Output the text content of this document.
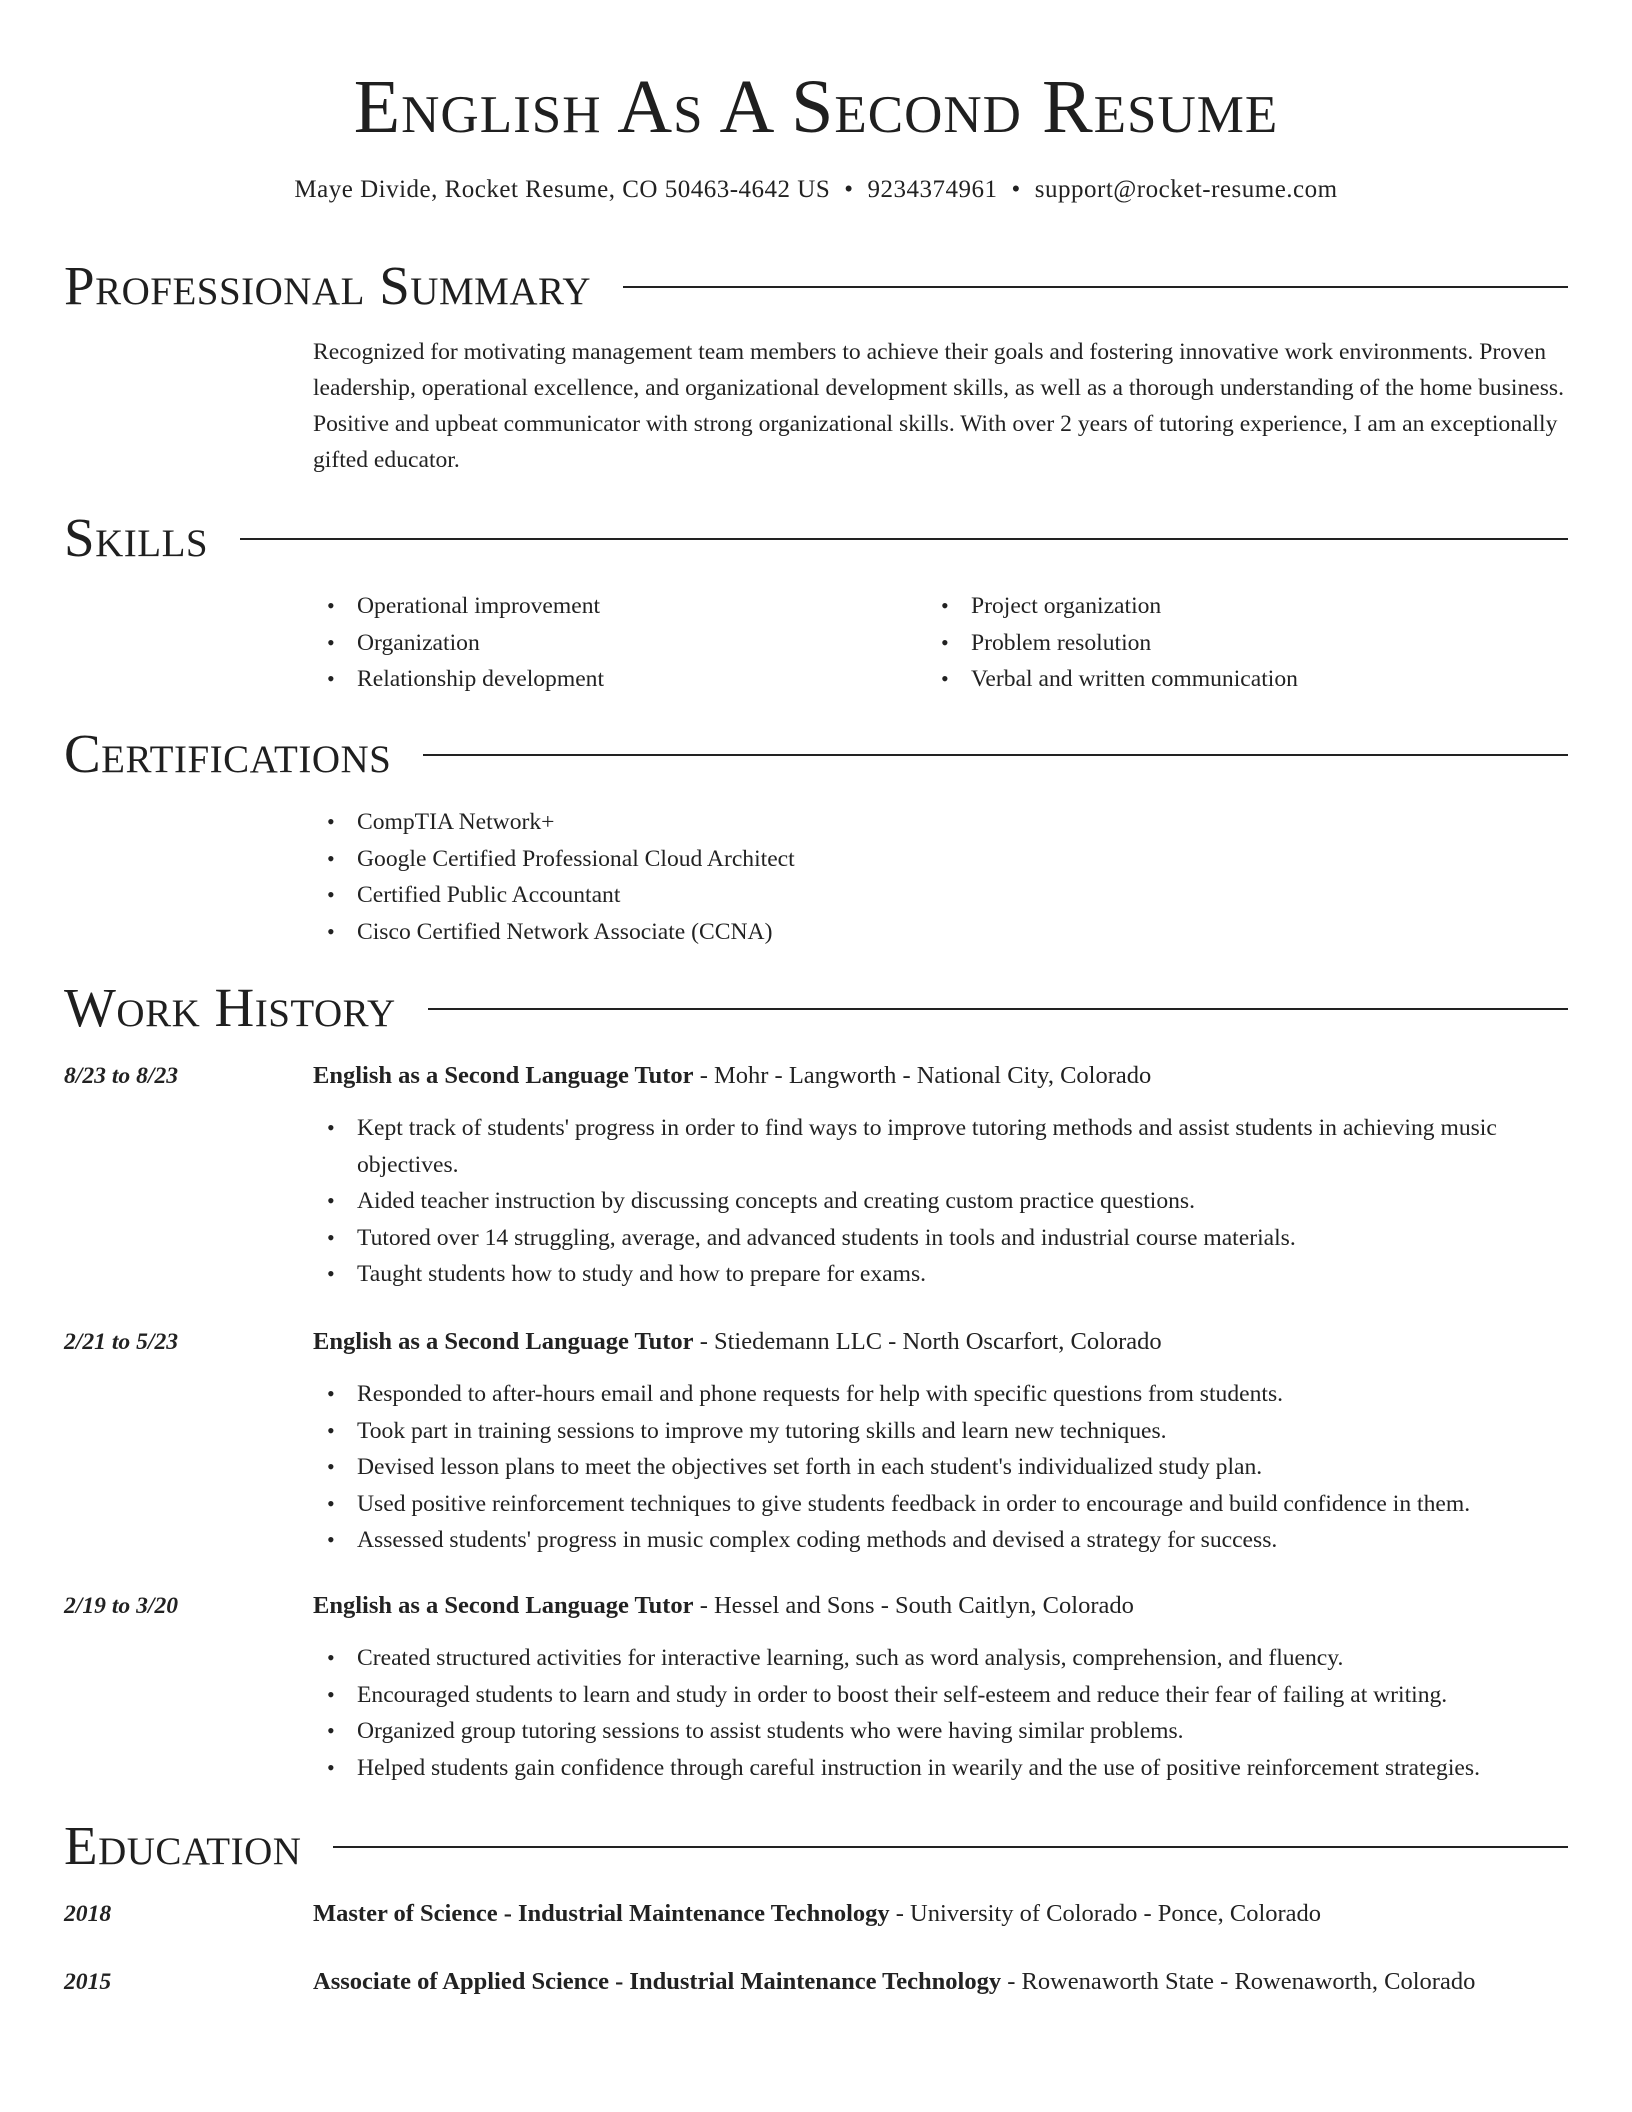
English As A Second Resume
Maye Divide, Rocket Resume, CO 50463-4642 US • 9234374961 • support@rocket-resume.com
Professional Summary
Recognized for motivating management team members to achieve their goals and fostering innovative work environments. Proven leadership, operational excellence, and organizational development skills, as well as a thorough understanding of the home business. Positive and upbeat communicator with strong organizational skills. With over 2 years of tutoring experience, I am an exceptionally gifted educator.
Skills
• Operational improvement
• Organization
• Relationship development
• Project organization
• Problem resolution
• Verbal and written communication
Certifications
• CompTIA Network+
• Google Certified Professional Cloud Architect
• Certified Public Accountant
• Cisco Certified Network Associate (CCNA)
Work History
8/23 to 8/23	English as a Second Language Tutor - Mohr - Langworth - National City, Colorado
• Kept track of students' progress in order to find ways to improve tutoring methods and assist students in achieving music objectives.
• Aided teacher instruction by discussing concepts and creating custom practice questions.
• Tutored over 14 struggling, average, and advanced students in tools and industrial course materials.
• Taught students how to study and how to prepare for exams.
2/21 to 5/23	English as a Second Language Tutor - Stiedemann LLC - North Oscarfort, Colorado
• Responded to after-hours email and phone requests for help with specific questions from students.
• Took part in training sessions to improve my tutoring skills and learn new techniques.
• Devised lesson plans to meet the objectives set forth in each student's individualized study plan.
• Used positive reinforcement techniques to give students feedback in order to encourage and build confidence in them.
• Assessed students' progress in music complex coding methods and devised a strategy for success.
2/19 to 3/20	English as a Second Language Tutor - Hessel and Sons - South Caitlyn, Colorado
• Created structured activities for interactive learning, such as word analysis, comprehension, and fluency.
• Encouraged students to learn and study in order to boost their self-esteem and reduce their fear of failing at writing.
• Organized group tutoring sessions to assist students who were having similar problems.
• Helped students gain confidence through careful instruction in wearily and the use of positive reinforcement strategies.
Education
2018	Master of Science - Industrial Maintenance Technology - University of Colorado - Ponce, Colorado
2015	Associate of Applied Science - Industrial Maintenance Technology - Rowenaworth State - Rowenaworth, Colorado
